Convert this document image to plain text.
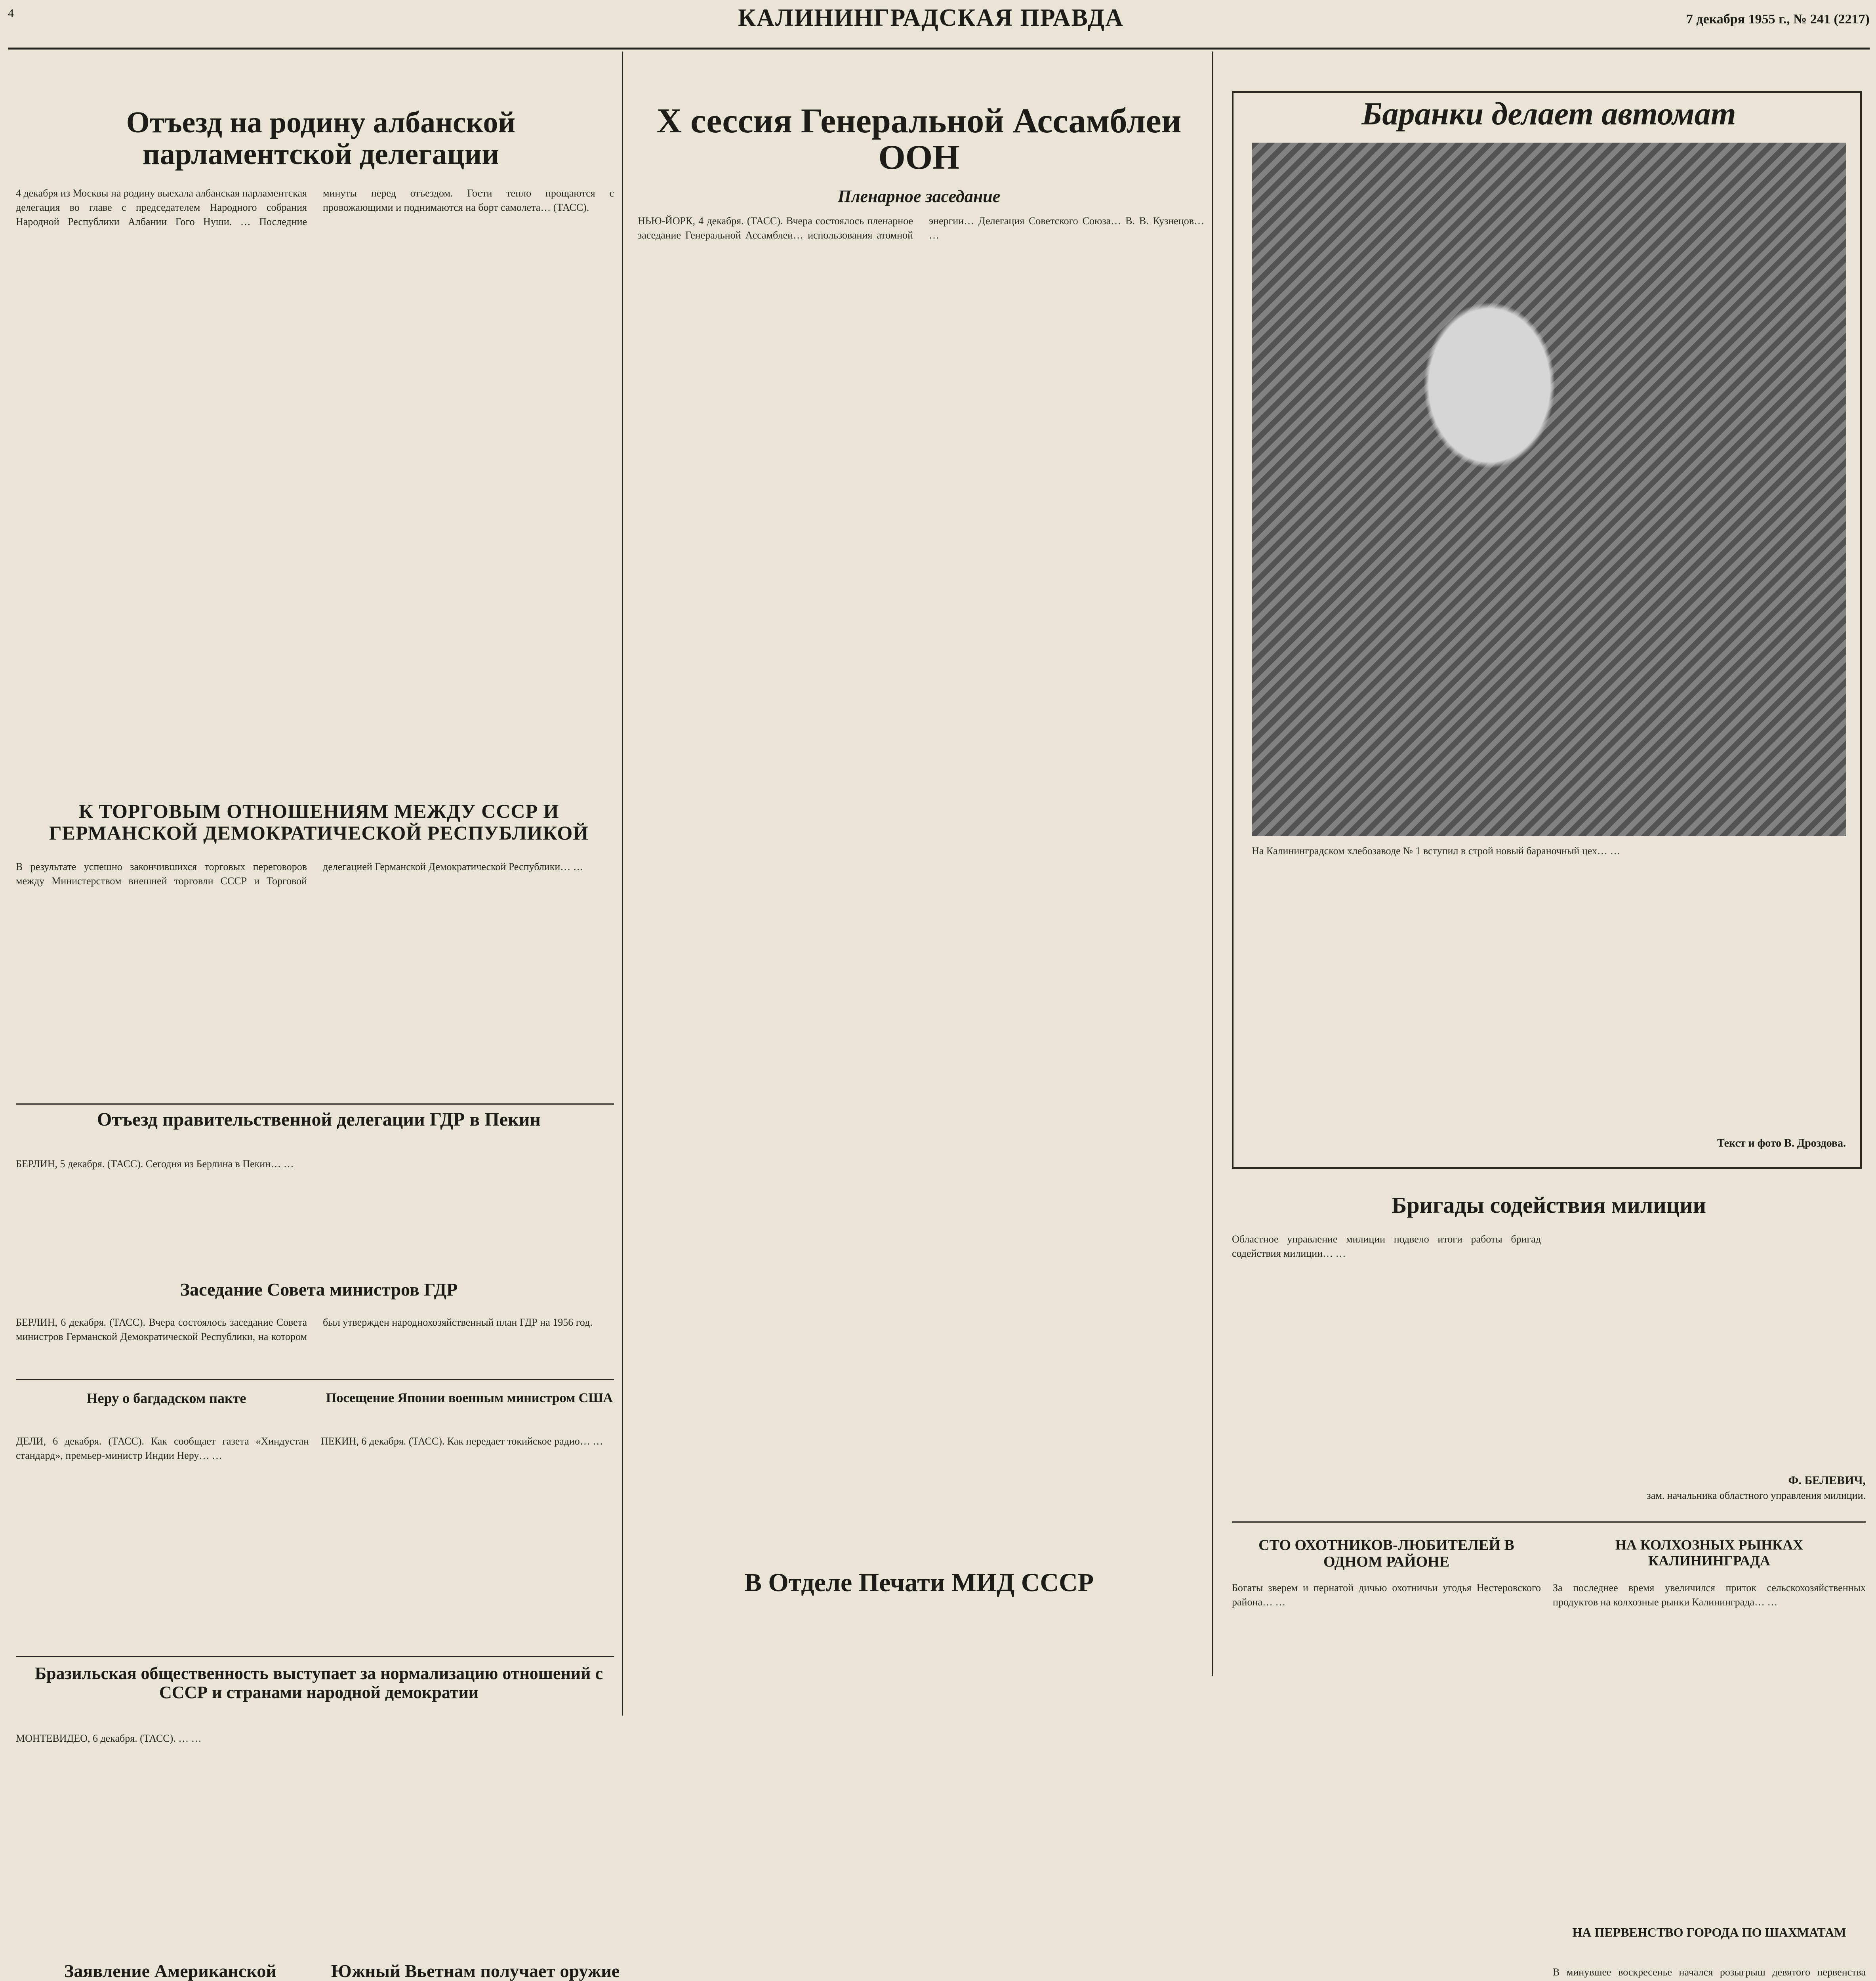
4	КАЛИНИНГРАДСКАЯ ПРАВДА	7 декабря 1955 г., № 241 (2217)
Отъезд на родину албанской парламентской делегации
4 декабря из Москвы на родину выехала албанская парламентская делегация во главе с председателем Народного собрания Народной Республики Албании Гого Нуши. … Последние минуты перед отъездом. Гости тепло прощаются с провожающими и поднимаются на борт самолета… (ТАСС).
X сессия Генеральной Ассамблеи ООН
Пленарное заседание
НЬЮ-ЙОРК, 4 декабря. (ТАСС). Вчера состоялось пленарное заседание Генеральной Ассамблеи… использования атомной энергии… Делегация Советского Союза… В. В. Кузнецов… …
Баранки делает автомат
На Калининградском хлебозаводе № 1 вступил в строй новый бараночный цех… …
Текст и фото В. Дроздова.
К ТОРГОВЫМ ОТНОШЕНИЯМ МЕЖДУ СССР И ГЕРМАНСКОЙ ДЕМОКРАТИЧЕСКОЙ РЕСПУБЛИКОЙ
В результате успешно закончившихся торговых переговоров между Министерством внешней торговли СССР и Торговой делегацией Германской Демократической Республики… …
Отъезд правительственной делегации ГДР в Пекин
БЕРЛИН, 5 декабря. (ТАСС). Сегодня из Берлина в Пекин… …
Заседание Совета министров ГДР
БЕРЛИН, 6 декабря. (ТАСС). Вчера состоялось заседание Совета министров Германской Демократической Республики, на котором был утвержден народнохозяйственный план ГДР на 1956 год.
Неру о багдадском пакте
ДЕЛИ, 6 декабря. (ТАСС). Как сообщает газета «Хиндустан стандард», премьер-министр Индии Неру… …
Посещение Японии военным министром США
ПЕКИН, 6 декабря. (ТАСС). Как передает токийское радио… …
Бразильская общественность выступает за нормализацию отношений с СССР и странами народной демократии
МОНТЕВИДЕО, 6 декабря. (ТАСС). … …
В Отделе Печати МИД СССР
Заявление Американской	Южный Вьетнам получает оружие
Бригады содействия милиции
Областное управление милиции подвело итоги работы бригад содействия милиции… …
Ф. БЕЛЕВИЧ,
зам. начальника областного управления милиции.
СТО ОХОТНИКОВ-ЛЮБИТЕЛЕЙ В ОДНОМ РАЙОНЕ
Богаты зверем и пернатой дичью охотничьи угодья Нестеровского района… …
НА КОЛХОЗНЫХ РЫНКАХ КАЛИНИНГРАДА
За последнее время увеличился приток сельскохозяйственных продуктов на колхозные рынки Калининграда… …
НА ПЕРВЕНСТВО ГОРОДА ПО ШАХМАТАМ
В минувшее воскресенье начался розыгрыш девятого первенства
